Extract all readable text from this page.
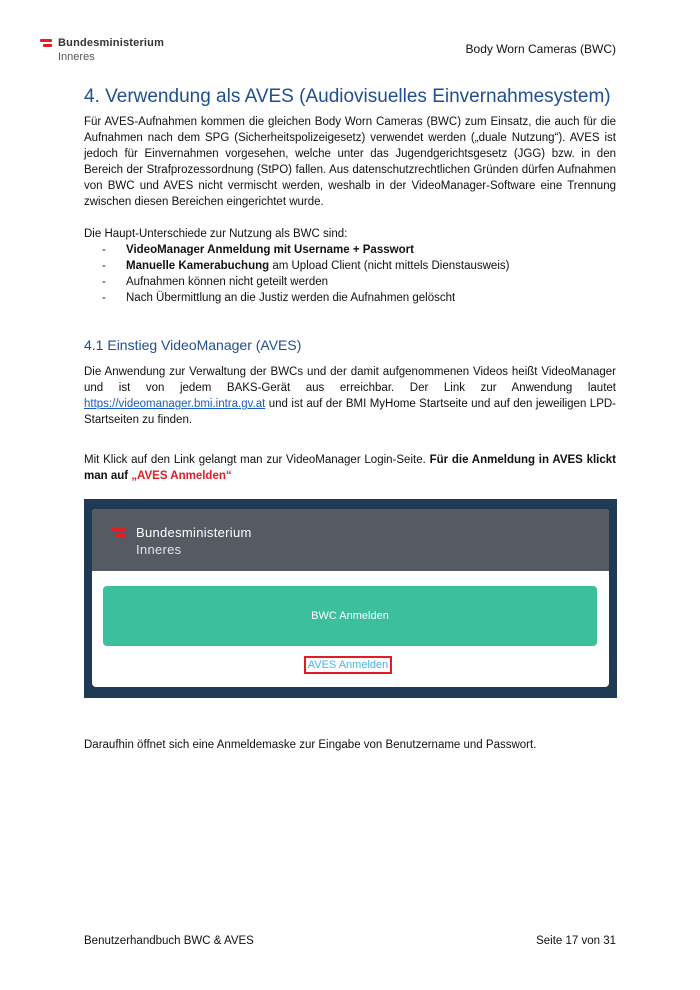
Bundesministerium
Inneres
Body Worn Cameras (BWC)
4. Verwendung als AVES (Audiovisuelles Einvernahmesystem)

Für AVES-Aufnahmen kommen die gleichen Body Worn Cameras (BWC) zum Einsatz, die auch für die Aufnahmen nach dem SPG (Sicherheitspolizeigesetz) verwendet werden („duale Nutzung“). AVES ist jedoch für Einvernahmen vorgesehen, welche unter das Jugendgerichtsgesetz (JGG) bzw. in den Bereich der Strafprozessordnung (StPO) fallen. Aus datenschutzrechtlichen Gründen dürfen Aufnahmen von BWC und AVES nicht vermischt werden, weshalb in der VideoManager-Software eine Trennung zwischen diesen Bereichen eingerichtet wurde.

Die Haupt-Unterschiede zur Nutzung als BWC sind:

- VideoManager Anmeldung mit Username + Passwort
- Manuelle Kamerabuchung am Upload Client (nicht mittels Dienstausweis)
- Aufnahmen können nicht geteilt werden
- Nach Übermittlung an die Justiz werden die Aufnahmen gelöscht
4.1 Einstieg VideoManager (AVES)

Die Anwendung zur Verwaltung der BWCs und der damit aufgenommenen Videos heißt VideoManager und ist von jedem BAKS-Gerät aus erreichbar. Der Link zur Anwendung lautet https://videomanager.bmi.intra.gv.at und ist auf der BMI MyHome Startseite und auf den jeweiligen LPD-Startseiten zu finden.

Mit Klick auf den Link gelangt man zur VideoManager Login-Seite. Für die Anmeldung in AVES klickt man auf „AVES Anmelden“

Bundesministerium
Inneres
BWC Anmelden
AVES Anmelden
Daraufhin öffnet sich eine Anmeldemaske zur Eingabe von Benutzername und Passwort.
Benutzerhandbuch BWC & AVES	Seite 17 von 31
